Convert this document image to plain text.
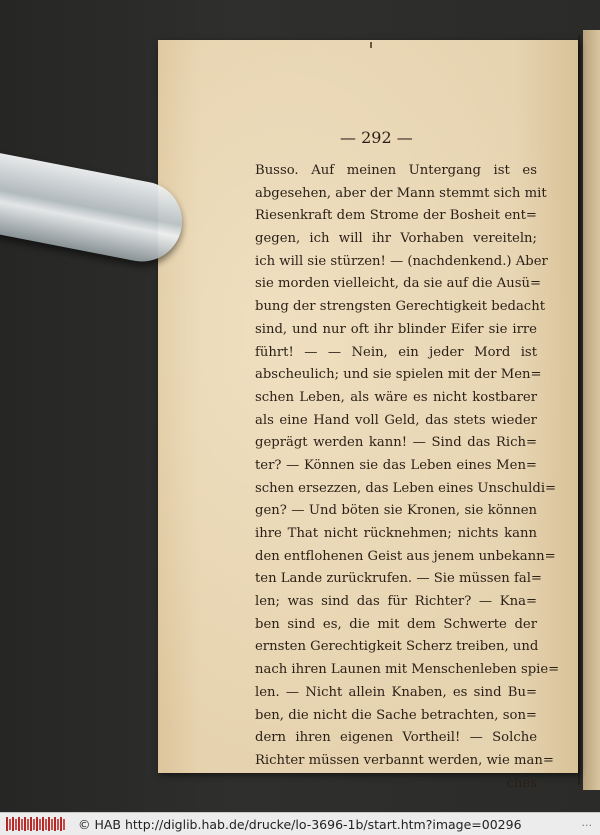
— 292 —
Busso. Auf meinen Untergang ist es
abgesehen, aber der Mann stemmt sich mit
Riesenkraft dem Strome der Bosheit ent=
gegen, ich will ihr Vorhaben vereiteln;
ich will sie stürzen! — (nachdenkend.) Aber
sie morden vielleicht, da sie auf die Ausü=
bung der strengsten Gerechtigkeit bedacht
sind, und nur oft ihr blinder Eifer sie irre
führt! — — Nein, ein jeder Mord ist
abscheulich; und sie spielen mit der Men=
schen Leben, als wäre es nicht kostbarer
als eine Hand voll Geld, das stets wieder
geprägt werden kann! — Sind das Rich=
ter? — Können sie das Leben eines Men=
schen ersezzen, das Leben eines Unschuldi=
gen? — Und böten sie Kronen, sie können
ihre That nicht rücknehmen; nichts kann
den entflohenen Geist aus jenem unbekann=
ten Lande zurückrufen. — Sie müssen fal=
len; was sind das für Richter? — Kna=
ben sind es, die mit dem Schwerte der
ernsten Gerechtigkeit Scherz treiben, und
nach ihren Launen mit Menschenleben spie=
len. — Nicht allein Knaben, es sind Bu=
ben, die nicht die Sache betrachten, son=
dern ihren eigenen Vortheil! — Solche
Richter müssen verbannt werden, wie man=
ches
© HAB http://diglib.hab.de/drucke/lo-3696-1b/start.htm?image=00296	...
